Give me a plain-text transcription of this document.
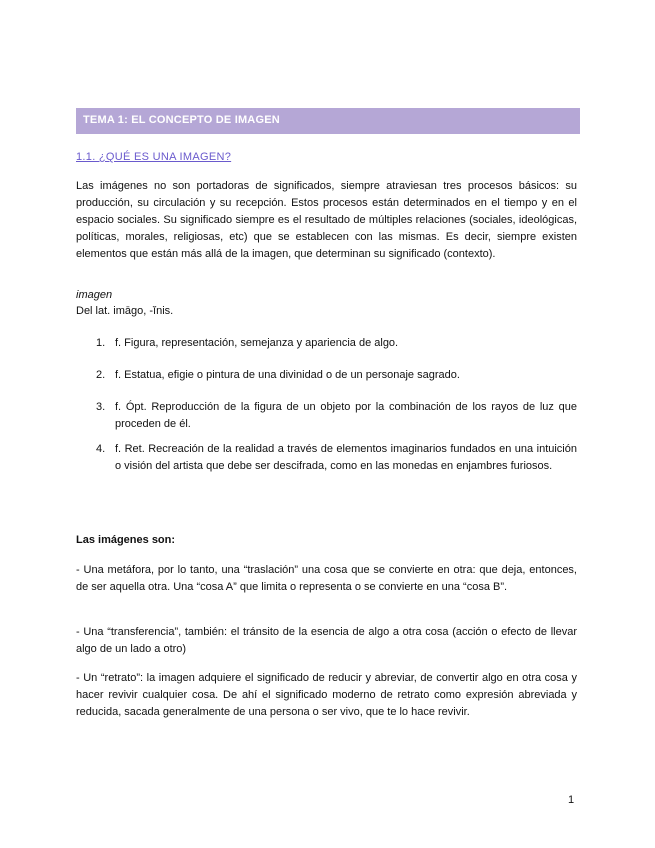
TEMA 1: EL CONCEPTO DE IMAGEN
1.1. ¿QUÉ ES UNA IMAGEN?

Las imágenes no son portadoras de significados, siempre atraviesan tres procesos básicos: su producción, su circulación y su recepción. Estos procesos están determinados en el tiempo y en el espacio sociales. Su significado siempre es el resultado de múltiples relaciones (sociales, ideológicas, políticas, morales, religiosas, etc) que se establecen con las mismas. Es decir, siempre existen elementos que están más allá de la imagen, que determinan su significado (contexto).

imagen
Del lat. imāgo, -ĭnis.
1. f. Figura, representación, semejanza y apariencia de algo.
2. f. Estatua, efigie o pintura de una divinidad o de un personaje sagrado.
3. f. Ópt. Reproducción de la figura de un objeto por la combinación de los rayos de luz que proceden de él.
4. f. Ret. Recreación de la realidad a través de elementos imaginarios fundados en una intuición o visión del artista que debe ser descifrada, como en las monedas en enjambres furiosos.
Las imágenes son:

- Una metáfora, por lo tanto, una “traslación” una cosa que se convierte en otra: que deja, entonces, de ser aquella otra. Una “cosa A” que limita o representa o se convierte en una “cosa B”.

- Una “transferencia”, también: el tránsito de la esencia de algo a otra cosa (acción o efecto de llevar algo de un lado a otro)

- Un “retrato”: la imagen adquiere el significado de reducir y abreviar, de convertir algo en otra cosa y hacer revivir cualquier cosa. De ahí el significado moderno de retrato como expresión abreviada y reducida, sacada generalmente de una persona o ser vivo, que te lo hace revivir.

1
